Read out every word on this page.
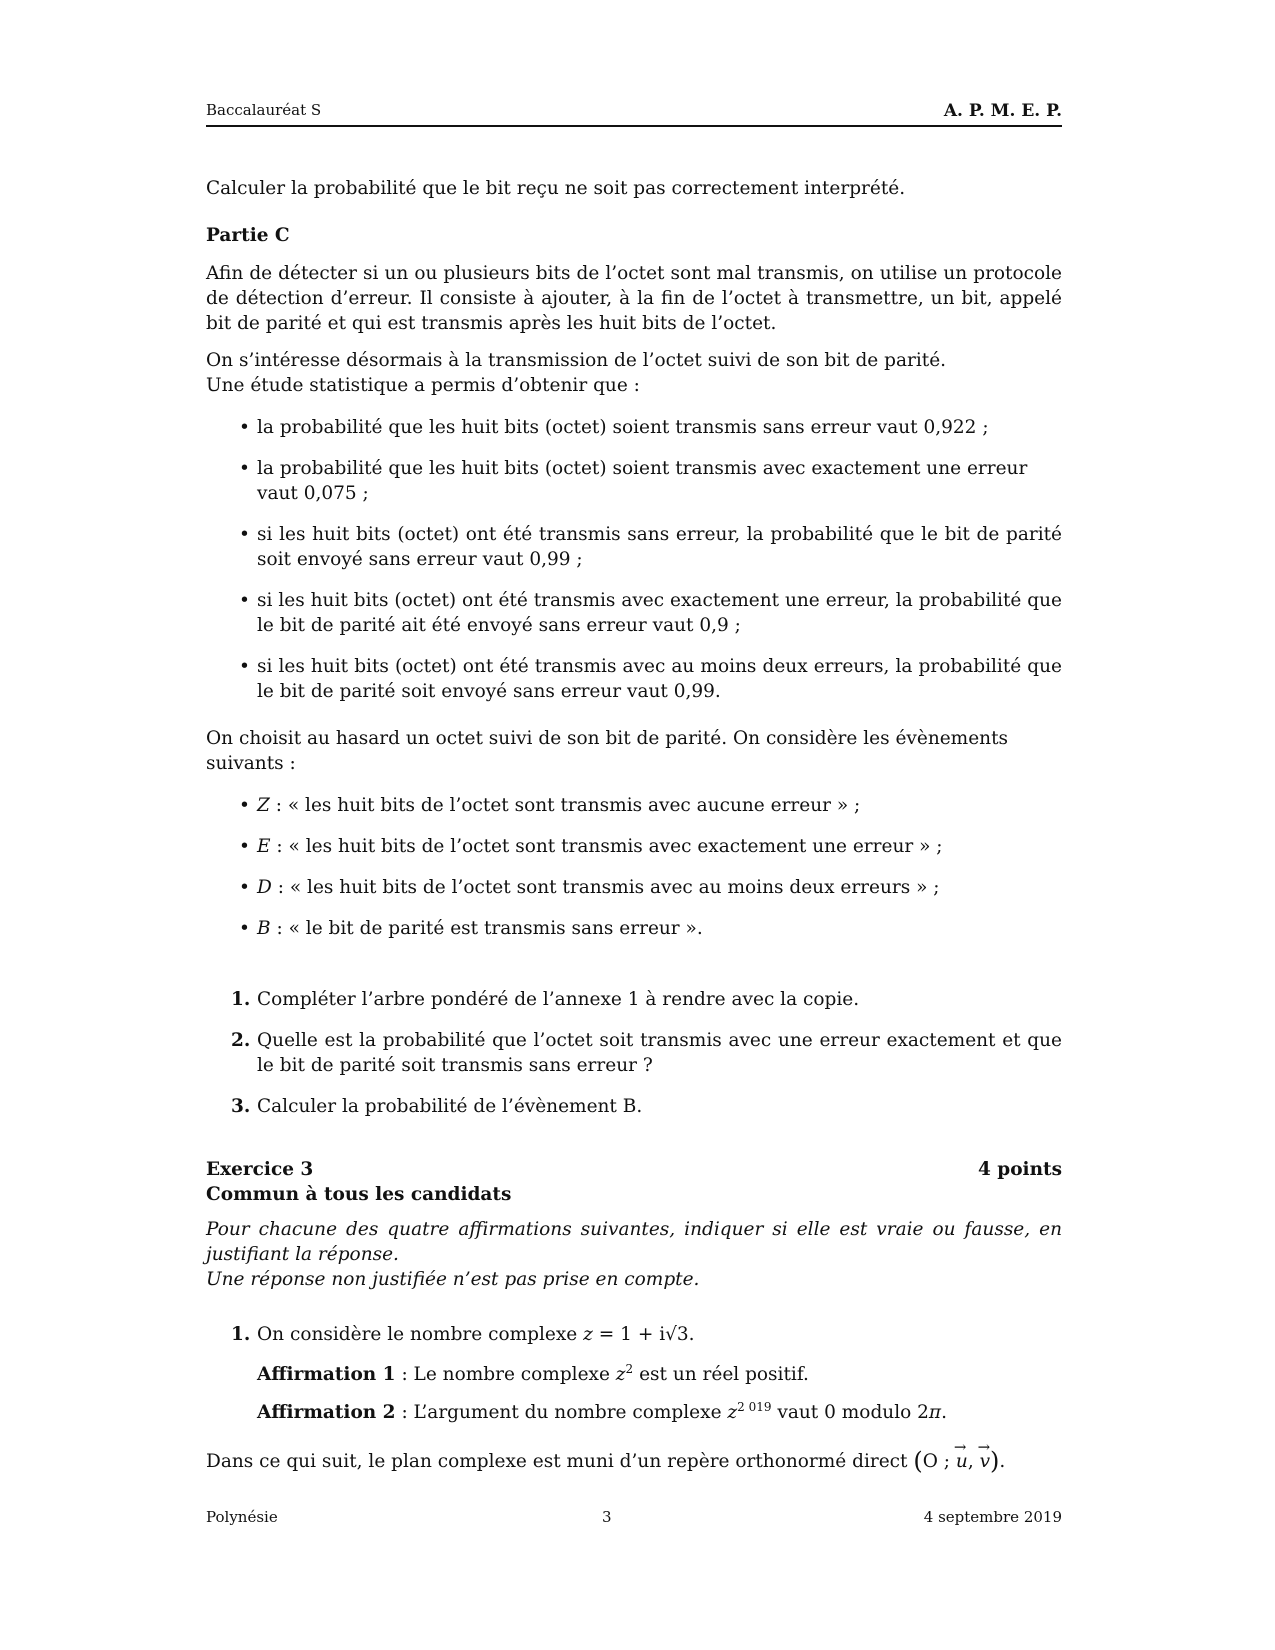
Baccalauréat S	A. P. M. E. P.

Calculer la probabilité que le bit reçu ne soit pas correctement interprété.

Partie C

Afin de détecter si un ou plusieurs bits de l’octet sont mal transmis, on utilise un protocole de détection d’erreur. Il consiste à ajouter, à la fin de l’octet à transmettre, un bit, appelé bit de parité et qui est transmis après les huit bits de l’octet.

On s’intéresse désormais à la transmission de l’octet suivi de son bit de parité.

Une étude statistique a permis d’obtenir que :

• la probabilité que les huit bits (octet) soient transmis sans erreur vaut 0,922 ;
• la probabilité que les huit bits (octet) soient transmis avec exactement une erreur vaut 0,075 ;
• si les huit bits (octet) ont été transmis sans erreur, la probabilité que le bit de parité soit envoyé sans erreur vaut 0,99 ;
• si les huit bits (octet) ont été transmis avec exactement une erreur, la probabilité que le bit de parité ait été envoyé sans erreur vaut 0,9 ;
• si les huit bits (octet) ont été transmis avec au moins deux erreurs, la probabilité que le bit de parité soit envoyé sans erreur vaut 0,99.

On choisit au hasard un octet suivi de son bit de parité. On considère les évènements suivants :

• Z : « les huit bits de l’octet sont transmis avec aucune erreur » ;
• E : « les huit bits de l’octet sont transmis avec exactement une erreur » ;
• D : « les huit bits de l’octet sont transmis avec au moins deux erreurs » ;
• B : « le bit de parité est transmis sans erreur ».
1. Compléter l’arbre pondéré de l’annexe 1 à rendre avec la copie.
2. Quelle est la probabilité que l’octet soit transmis avec une erreur exactement et que le bit de parité soit transmis sans erreur ?
3. Calculer la probabilité de l’évènement B.
Exercice 3	4 points

Commun à tous les candidats

Pour chacune des quatre affirmations suivantes, indiquer si elle est vraie ou fausse, en justifiant la réponse.

Une réponse non justifiée n’est pas prise en compte.

1. On considère le nombre complexe z = 1 + i√3.

Affirmation 1 : Le nombre complexe $z^2$ est un réel positif.

Affirmation 2 : L’argument du nombre complexe $z^{2 019}$ vaut 0 modulo 2π.

Dans ce qui suit, le plan complexe est muni d’un repère orthonormé direct (O ; → u, → v).

Polynésie	3	4 septembre 2019
